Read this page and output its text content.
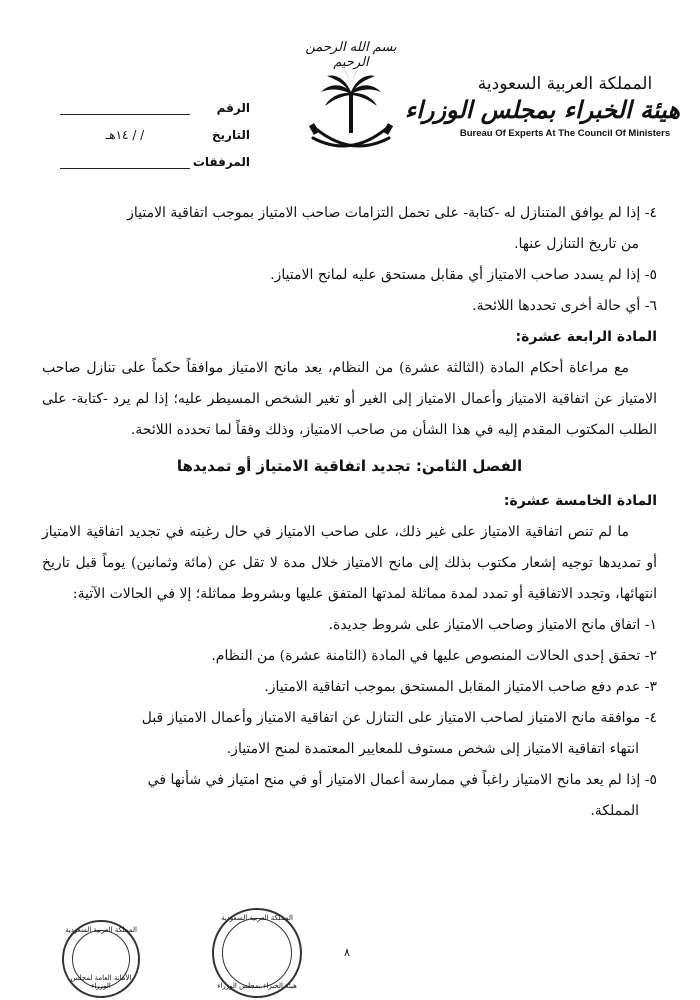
المملكة العربية السعودية
هيئة الخبراء بمجلس الوزراء
Bureau Of Experts At The Council Of Ministers
بسم الله الرحمن الرحيم
الرقم
التاريخ
/ / ١٤هـ
المرفقات

٤- إذا لم يوافق المتنازل له -كتابة- على تحمل التزامات صاحب الامتياز بموجب اتفاقية الامتياز

من تاريخ التنازل عنها.

٥- إذا لم يسدد صاحب الامتياز أي مقابل مستحق عليه لمانح الامتياز.

٦- أي حالة أخرى تحددها اللائحة.

المادة الرابعة عشرة:

مع مراعاة أحكام المادة (الثالثة عشرة) من النظام، يعد مانح الامتياز موافقاً حكماً على تنازل صاحب الامتياز عن اتفاقية الامتياز وأعمال الامتياز إلى الغير أو تغير الشخص المسيطر عليه؛ إذا لم يرد -كتابة- على الطلب المكتوب المقدم إليه في هذا الشأن من صاحب الامتياز، وذلك وفقاً لما تحدده اللائحة.

الفصل الثامن: تجديد اتفاقية الامتياز أو تمديدها

المادة الخامسة عشرة:

ما لم تنص اتفاقية الامتياز على غير ذلك، على صاحب الامتياز في حال رغبته في تجديد اتفاقية الامتياز أو تمديدها توجيه إشعار مكتوب بذلك إلى مانح الامتياز خلال مدة لا تقل عن (مائة وثمانين) يوماً قبل تاريخ انتهائها، وتجدد الاتفاقية أو تمدد لمدة مماثلة لمدتها المتفق عليها وبشروط مماثلة؛ إلا في الحالات الآتية:

١- اتفاق مانح الامتياز وصاحب الامتياز على شروط جديدة.

٢- تحقق إحدى الحالات المنصوص عليها في المادة (الثامنة عشرة) من النظام.

٣- عدم دفع صاحب الامتياز المقابل المستحق بموجب اتفاقية الامتياز.

٤- موافقة مانح الامتياز لصاحب الامتياز على التنازل عن اتفاقية الامتياز وأعمال الامتياز قبل

انتهاء اتفاقية الامتياز إلى شخص مستوف للمعايير المعتمدة لمنح الامتياز.

٥- إذا لم يعد مانح الامتياز راغباً في ممارسة أعمال الامتياز أو في منح امتياز في شأنها في

المملكة.

المملكة العربية السعودية
الأمانة العامة لمجلس الوزراء
المملكة العربية السعودية
هيئة الخبراء بمجلس الوزراء
٨
